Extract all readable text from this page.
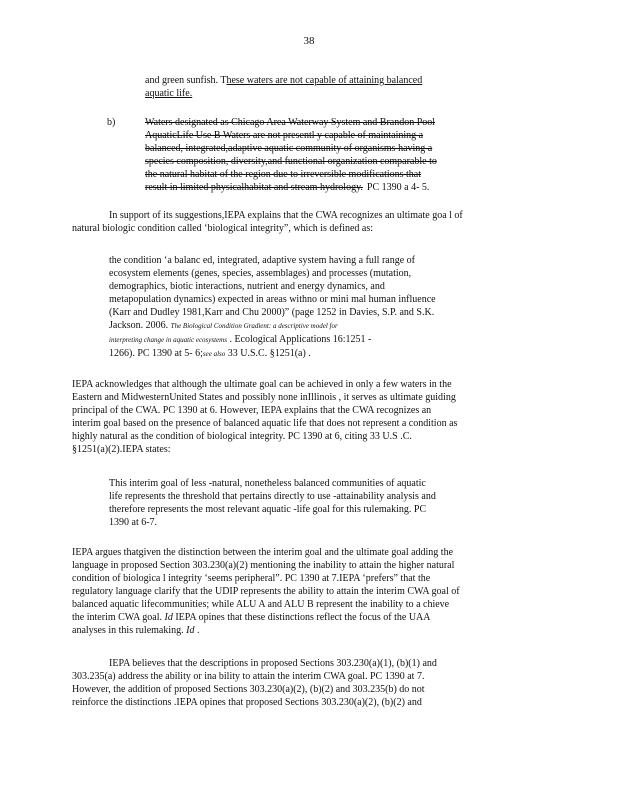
38
and green sunfish. These waters are not capable of attaining balanced
aquatic life.
b)	Waters designated as Chicago Area Waterway System and Brandon Pool
AquaticLife Use B Waters are not presentl y capable of maintaining a
balanced, integrated,adaptive aquatic community of organisms having a
species composition, diversity,and functional organization comparable to
the natural habitat of the region due to irreversible modifications that
result in limited physicalhabitat and stream hydrology. PC 1390 a 4- 5.
In support of its suggestions,IEPA explains that the CWA recognizes an ultimate goa l of
natural biologic condition called ‘biological integrity”, which is defined as:
the condition ‘a balanc ed, integrated, adaptive system having a full range of
ecosystem elements (genes, species, assemblages) and processes (mutation,
demographics, biotic interactions, nutrient and energy dynamics, and
metapopulation dynamics) expected in areas withno or mini mal human influence
(Karr and Dudley 1981,Karr and Chu 2000)” (page 1252 in Davies, S.P. and S.K.
Jackson. 2006. The Biological Condition Gradient: a descriptive model for
interpreting change in aquatic ecosystems . Ecological Applications 16:1251 -
1266). PC 1390 at 5- 6;see also 33 U.S.C. §1251(a) .
IEPA acknowledges that although the ultimate goal can be achieved in only a few waters in the
Eastern and MidwesternUnited States and possibly none inIllinois , it serves as ultimate guiding
principal of the CWA. PC 1390 at 6. However, IEPA explains that the CWA recognizes an
interim goal based on the presence of balanced aquatic life that does not represent a condition as
highly natural as the condition of biological integrity. PC 1390 at 6, citing 33 U.S .C.
§1251(a)(2).IEPA states:
This interim goal of less -natural, nonetheless balanced communities of aquatic
life represents the threshold that pertains directly to use -attainability analysis and
therefore represents the most relevant aquatic -life goal for this rulemaking. PC
1390 at 6-7.
IEPA argues thatgiven the distinction between the interim goal and the ultimate goal adding the
language in proposed Section 303.230(a)(2) mentioning the inability to attain the higher natural
condition of biologica l integrity ‘seems peripheral”. PC 1390 at 7.IEPA ‘prefers” that the
regulatory language clarify that the UDIP represents the ability to attain the interim CWA goal of
balanced aquatic lifecommunities; while ALU A and ALU B represent the inability to a chieve
the interim CWA goal. Id IEPA opines that these distinctions reflect the focus of the UAA
analyses in this rulemaking. Id .
IEPA believes that the descriptions in proposed Sections 303.230(a)(1), (b)(1) and
303.235(a) address the ability or ina bility to attain the interim CWA goal. PC 1390 at 7.
However, the addition of proposed Sections 303.230(a)(2), (b)(2) and 303.235(b) do not
reinforce the distinctions .IEPA opines that proposed Sections 303.230(a)(2), (b)(2) and
